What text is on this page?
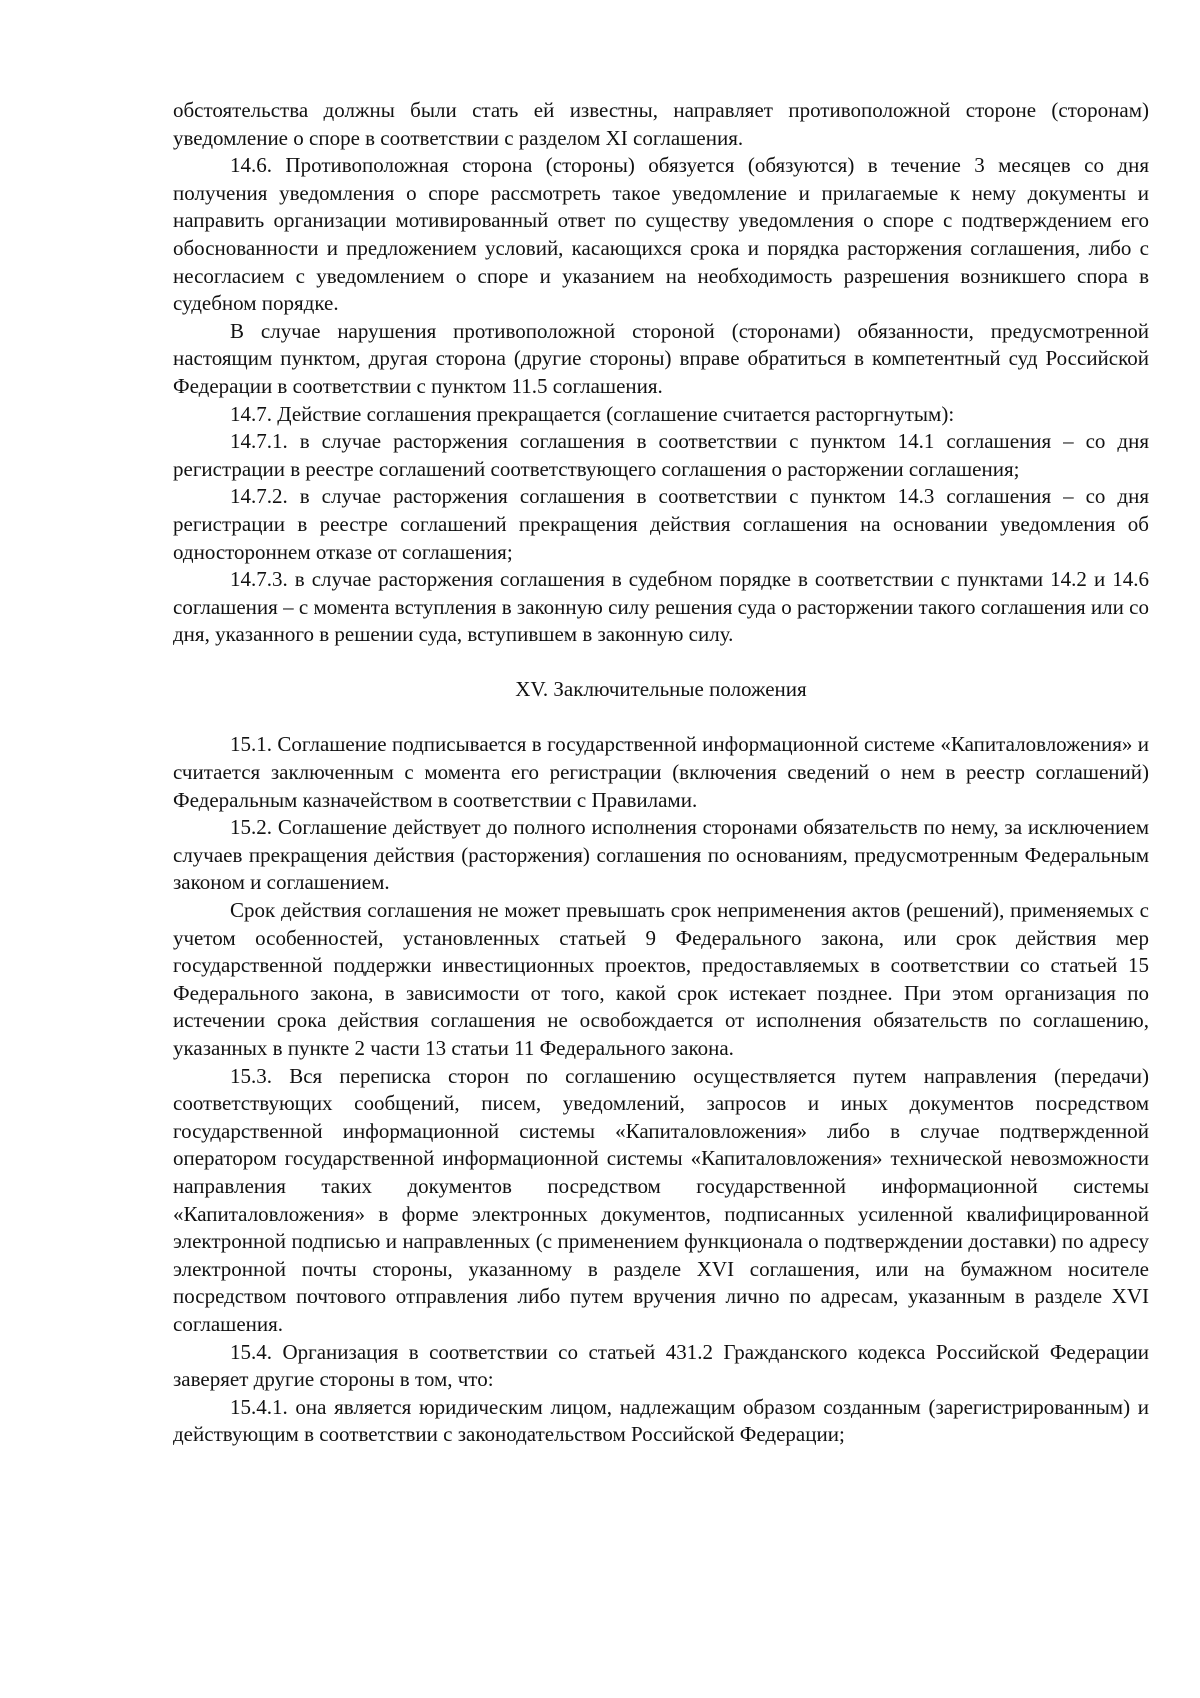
обстоятельства должны были стать ей известны, направляет противоположной стороне (сторонам) уведомление о споре в соответствии с разделом XI соглашения.

14.6. Противоположная сторона (стороны) обязуется (обязуются) в течение 3 месяцев со дня получения уведомления о споре рассмотреть такое уведомление и прилагаемые к нему документы и направить организации мотивированный ответ по существу уведомления о споре с подтверждением его обоснованности и предложением условий, касающихся срока и порядка расторжения соглашения, либо с несогласием с уведомлением о споре и указанием на необходимость разрешения возникшего спора в судебном порядке.

В случае нарушения противоположной стороной (сторонами) обязанности, предусмотренной настоящим пунктом, другая сторона (другие стороны) вправе обратиться в компетентный суд Российской Федерации в соответствии с пунктом 11.5 соглашения.

14.7. Действие соглашения прекращается (соглашение считается расторгнутым):

14.7.1. в случае расторжения соглашения в соответствии с пунктом 14.1 соглашения – со дня регистрации в реестре соглашений соответствующего соглашения о расторжении соглашения;

14.7.2. в случае расторжения соглашения в соответствии с пунктом 14.3 соглашения – со дня регистрации в реестре соглашений прекращения действия соглашения на основании уведомления об одностороннем отказе от соглашения;

14.7.3. в случае расторжения соглашения в судебном порядке в соответствии с пунктами 14.2 и 14.6 соглашения – с момента вступления в законную силу решения суда о расторжении такого соглашения или со дня, указанного в решении суда, вступившем в законную силу.

XV. Заключительные положения

15.1. Соглашение подписывается в государственной информационной системе «Капиталовложения» и считается заключенным с момента его регистрации (включения сведений о нем в реестр соглашений) Федеральным казначейством в соответствии с Правилами.

15.2. Соглашение действует до полного исполнения сторонами обязательств по нему, за исключением случаев прекращения действия (расторжения) соглашения по основаниям, предусмотренным Федеральным законом и соглашением.

Срок действия соглашения не может превышать срок неприменения актов (решений), применяемых с учетом особенностей, установленных статьей 9 Федерального закона, или срок действия мер государственной поддержки инвестиционных проектов, предоставляемых в соответствии со статьей 15 Федерального закона, в зависимости от того, какой срок истекает позднее. При этом организация по истечении срока действия соглашения не освобождается от исполнения обязательств по соглашению, указанных в пункте 2 части 13 статьи 11 Федерального закона.

15.3. Вся переписка сторон по соглашению осуществляется путем направления (передачи) соответствующих сообщений, писем, уведомлений, запросов и иных документов посредством государственной информационной системы «Капиталовложения» либо в случае подтвержденной оператором государственной информационной системы «Капиталовложения» технической невозможности направления таких документов посредством государственной информационной системы «Капиталовложения» в форме электронных документов, подписанных усиленной квалифицированной электронной подписью и направленных (с применением функционала о подтверждении доставки) по адресу электронной почты стороны, указанному в разделе XVI соглашения, или на бумажном носителе посредством почтового отправления либо путем вручения лично по адресам, указанным в разделе XVI соглашения.

15.4. Организация в соответствии со статьей 431.2 Гражданского кодекса Российской Федерации заверяет другие стороны в том, что:

15.4.1. она является юридическим лицом, надлежащим образом созданным (зарегистрированным) и действующим в соответствии с законодательством Российской Федерации;
